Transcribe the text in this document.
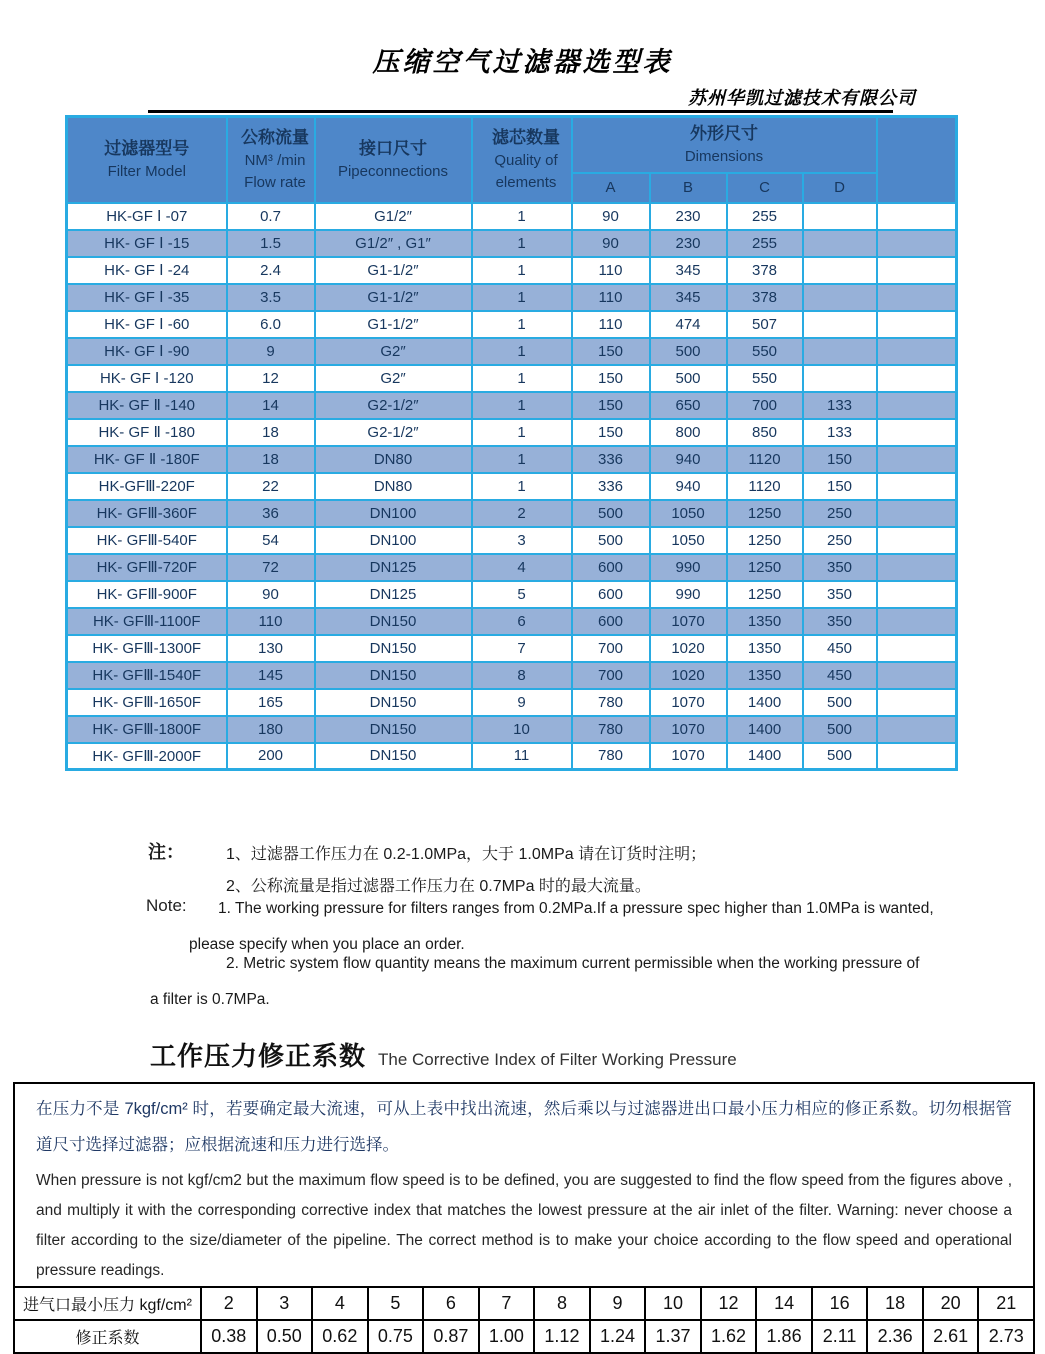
压缩空气过滤器选型表
苏州华凯过滤技术有限公司
过滤器型号
Filter Model	公称流量
NM³ /min
Flow rate	接口尺寸
Pipeconnections	滤芯数量
Quality of
elements	外形尺寸
Dimensions				

				A	B	C	D	
HK-GF Ⅰ -07	0.7	G1/2″	1	90	230	255		
HK- GF Ⅰ -15	1.5	G1/2″ , G1″	1	90	230	255		
HK- GF Ⅰ -24	2.4	G1-1/2″	1	110	345	378		
HK- GF Ⅰ -35	3.5	G1-1/2″	1	110	345	378		
HK- GF Ⅰ -60	6.0	G1-1/2″	1	110	474	507		
HK- GF Ⅰ -90	9	G2″	1	150	500	550		
HK- GF Ⅰ -120	12	G2″	1	150	500	550		
HK- GF Ⅱ -140	14	G2-1/2″	1	150	650	700	133	
HK- GF Ⅱ -180	18	G2-1/2″	1	150	800	850	133	
HK- GF Ⅱ -180F	18	DN80	1	336	940	1120	150	
HK-GFⅢ-220F	22	DN80	1	336	940	1120	150	
HK- GFⅢ-360F	36	DN100	2	500	1050	1250	250	
HK- GFⅢ-540F	54	DN100	3	500	1050	1250	250	
HK- GFⅢ-720F	72	DN125	4	600	990	1250	350	
HK- GFⅢ-900F	90	DN125	5	600	990	1250	350	
HK- GFⅢ-1100F	110	DN150	6	600	1070	1350	350	
HK- GFⅢ-1300F	130	DN150	7	700	1020	1350	450	
HK- GFⅢ-1540F	145	DN150	8	700	1020	1350	450	
HK- GFⅢ-1650F	165	DN150	9	780	1070	1400	500	
HK- GFⅢ-1800F	180	DN150	10	780	1070	1400	500	
HK- GFⅢ-2000F	200	DN150	11	780	1070	1400	500	
注：	1、过滤器工作压力在 0.2-1.0MPa，大于 1.0MPa 请在订货时注明；
2、公称流量是指过滤器工作压力在 0.7MPa 时的最大流量。
Note: 1. The working pressure for filters ranges from 0.2MPa.If a pressure spec higher than 1.0MPa is wanted,
please specify when you place an order.
2. Metric system flow quantity means the maximum current permissible when the working pressure of
a filter is 0.7MPa.
工作压力修正系数 The Corrective Index of Filter Working Pressure
在压力不是 7kgf/cm² 时，若要确定最大流速，可从上表中找出流速，然后乘以与过滤器进出口最小压力相应的修正系数。切勿根据管道尺寸选择过滤器；应根据流速和压力进行选择。
When pressure is not kgf/cm2 but the maximum flow speed is to be defined, you are suggested to find the flow speed from the figures above , and multiply it with the corresponding corrective index that matches the lowest pressure at the air inlet of the filter. Warning: never choose a filter according to the size/diameter of the pipeline. The correct method is to make your choice according to the flow speed and operational pressure readings.
进气口最小压力 kgf/cm²	2	3	4	5	6	7	8	9	10	12	14	16	18	20	21
修正系数	0.38	0.50	0.62	0.75	0.87	1.00	1.12	1.24	1.37	1.62	1.86	2.11	2.36	2.61	2.73
